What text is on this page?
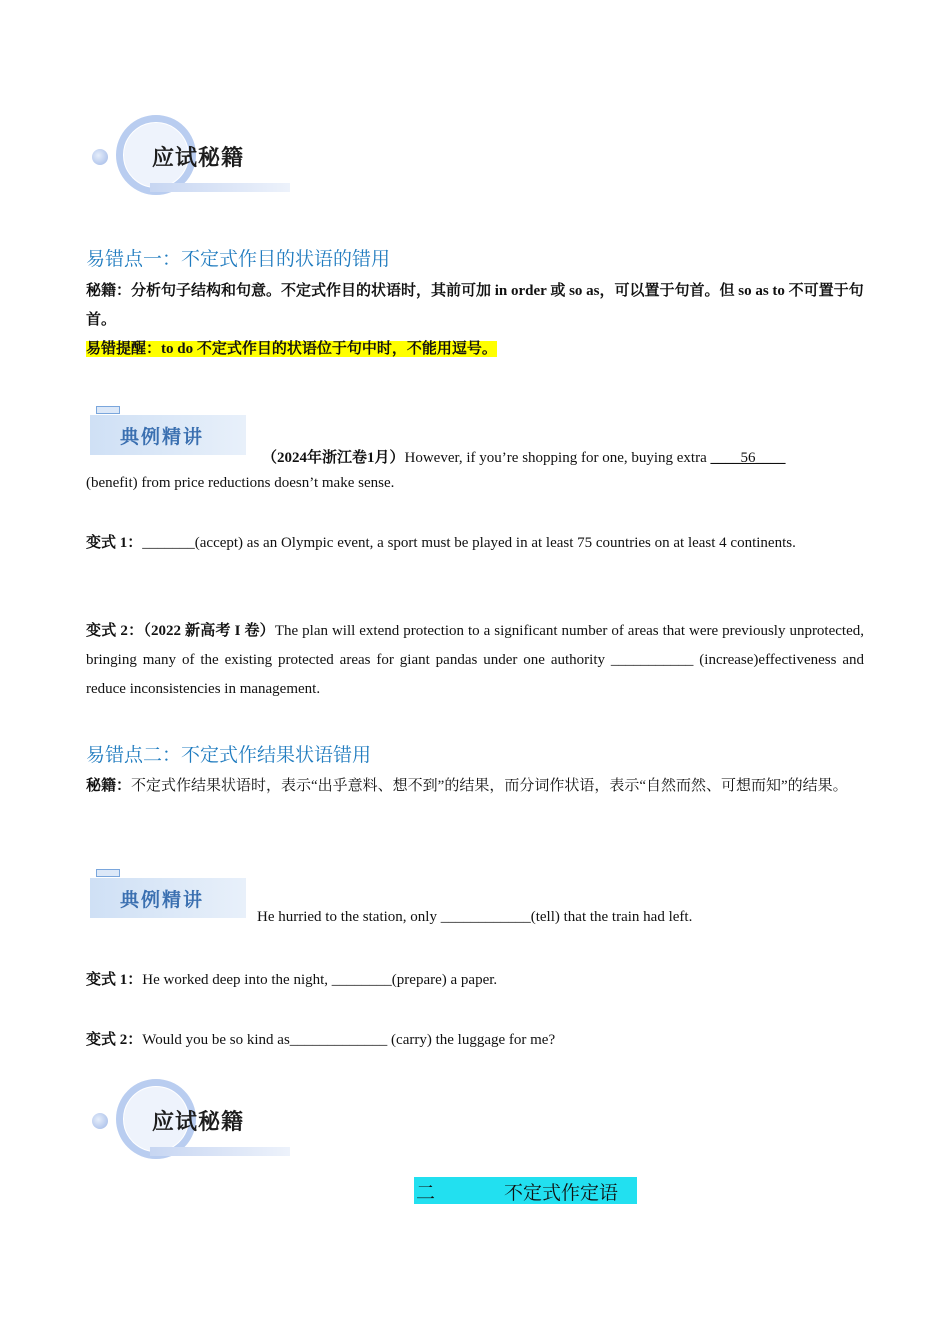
应试秘籍
易错点一：不定式作目的状语的错用
秘籍：分析句子结构和句意。不定式作目的状语时，其前可加 in order 或 so as，可以置于句首。但 so as to 不可置于句首。
易错提醒：to do 不定式作目的状语位于句中时，不能用逗号。
典例精讲
（2024年浙江卷1月）However, if you’re shopping for one, buying extra ____56____
(benefit) from price reductions doesn’t make sense.
变式 1：_______(accept) as an Olympic event, a sport must be played in at least 75 countries on at least 4 continents.
变式 2：（2022 新高考 I 卷）The plan will extend protection to a significant number of areas that were previously unprotected, bringing many of the existing protected areas for giant pandas under one authority ___________ (increase)effectiveness and reduce inconsistencies in management.
易错点二：不定式作结果状语错用
秘籍：不定式作结果状语时，表示“出乎意料、想不到”的结果，而分词作状语，表示“自然而然、可想而知”的结果。
典例精讲
He hurried to the station, only ____________(tell) that the train had left.
变式 1：He worked deep into the night, ________(prepare) a paper.
变式 2：Would you be so kind as_____________ (carry) the luggage for me?
应试秘籍
二	不定式作定语
